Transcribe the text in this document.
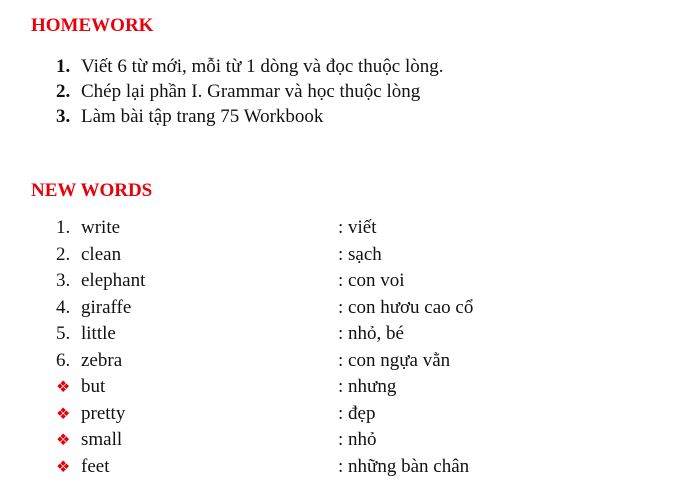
HOMEWORK
1. Viết 6 từ mới, mỗi từ 1 dòng và đọc thuộc lòng.
2. Chép lại phần I. Grammar và học thuộc lòng
3. Làm bài tập trang 75 Workbook
NEW WORDS
1. write	: viết
2. clean	: sạch
3. elephant	: con voi
4. giraffe	: con hươu cao cổ
5. little	: nhỏ, bé
6. zebra	: con ngựa vằn
❖ but	: nhưng
❖ pretty	: đẹp
❖ small	: nhỏ
❖ feet	: những bàn chân
